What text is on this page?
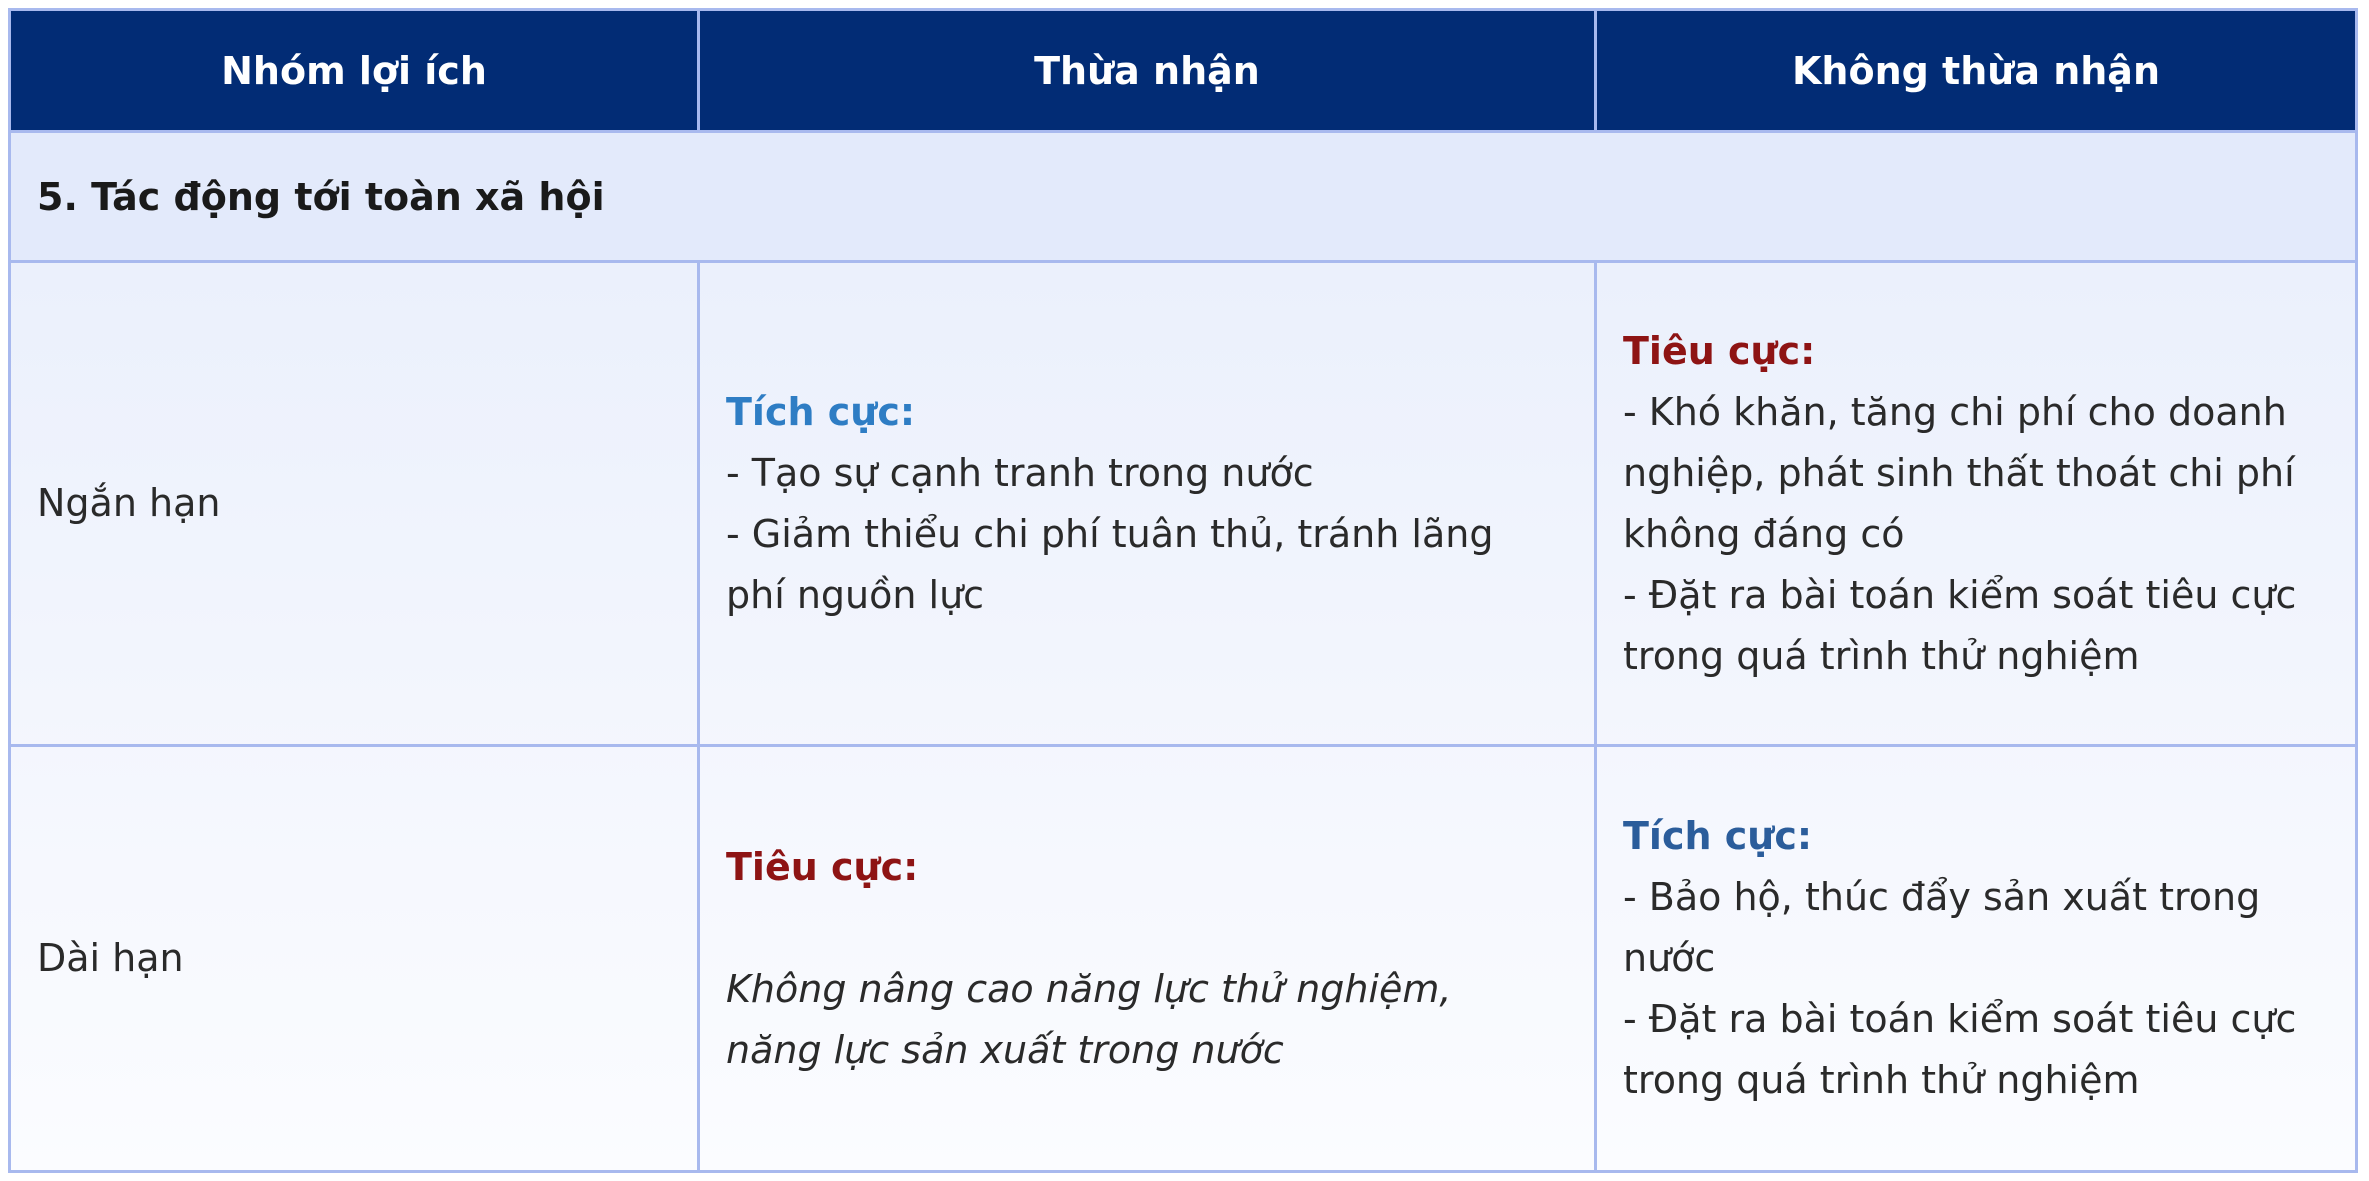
Nhóm lợi ích	Thừa nhận	Không thừa nhận
5. Tác động tới toàn xã hội
Ngắn hạn
Tích cực:
- Tạo sự cạnh tranh trong nước
- Giảm thiểu chi phí tuân thủ, tránh lãng phí nguồn lực
Tiêu cực:
- Khó khăn, tăng chi phí cho doanh nghiệp, phát sinh thất thoát chi phí không đáng có
- Đặt ra bài toán kiểm soát tiêu cực trong quá trình thử nghiệm
Dài hạn
Tiêu cực:
Không nâng cao năng lực thử nghiệm, năng lực sản xuất trong nước
Tích cực:
- Bảo hộ, thúc đẩy sản xuất trong nước
- Đặt ra bài toán kiểm soát tiêu cực trong quá trình thử nghiệm
